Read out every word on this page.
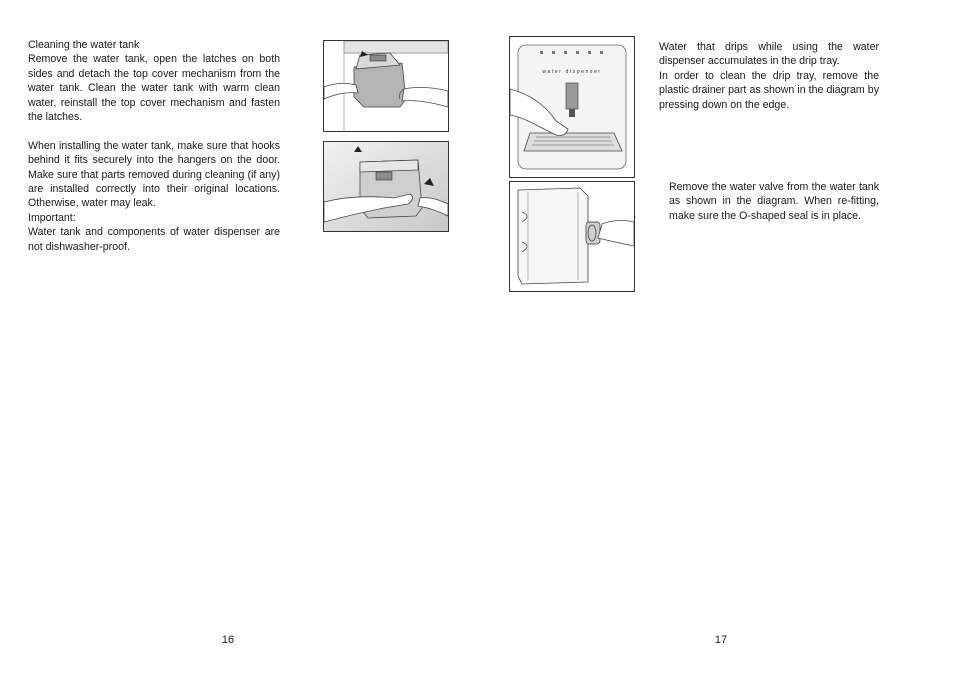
Cleaning the water tank

Remove the water tank, open the latches on both sides and detach the top cover mechanism from the water tank. Clean the water tank with warm clean water, reinstall the top cover mechanism and fasten the latches.

When installing the water tank, make sure that hooks behind it fits securely into the hangers on the door. Make sure that parts removed during cleaning (if any) are installed correctly into their original locations. Otherwise, water may leak.

Important:

Water tank and components of water dispenser are not dishwasher-proof.

water dispenser

Water that drips while using the water dispenser accumulates in the drip tray.

In order to clean the drip tray, remove the plastic drainer part as shown in the diagram by pressing down on the edge.

Remove the water valve from the water tank as shown in the diagram. When re-fitting, make sure the O-shaped seal is in place.

16	17
